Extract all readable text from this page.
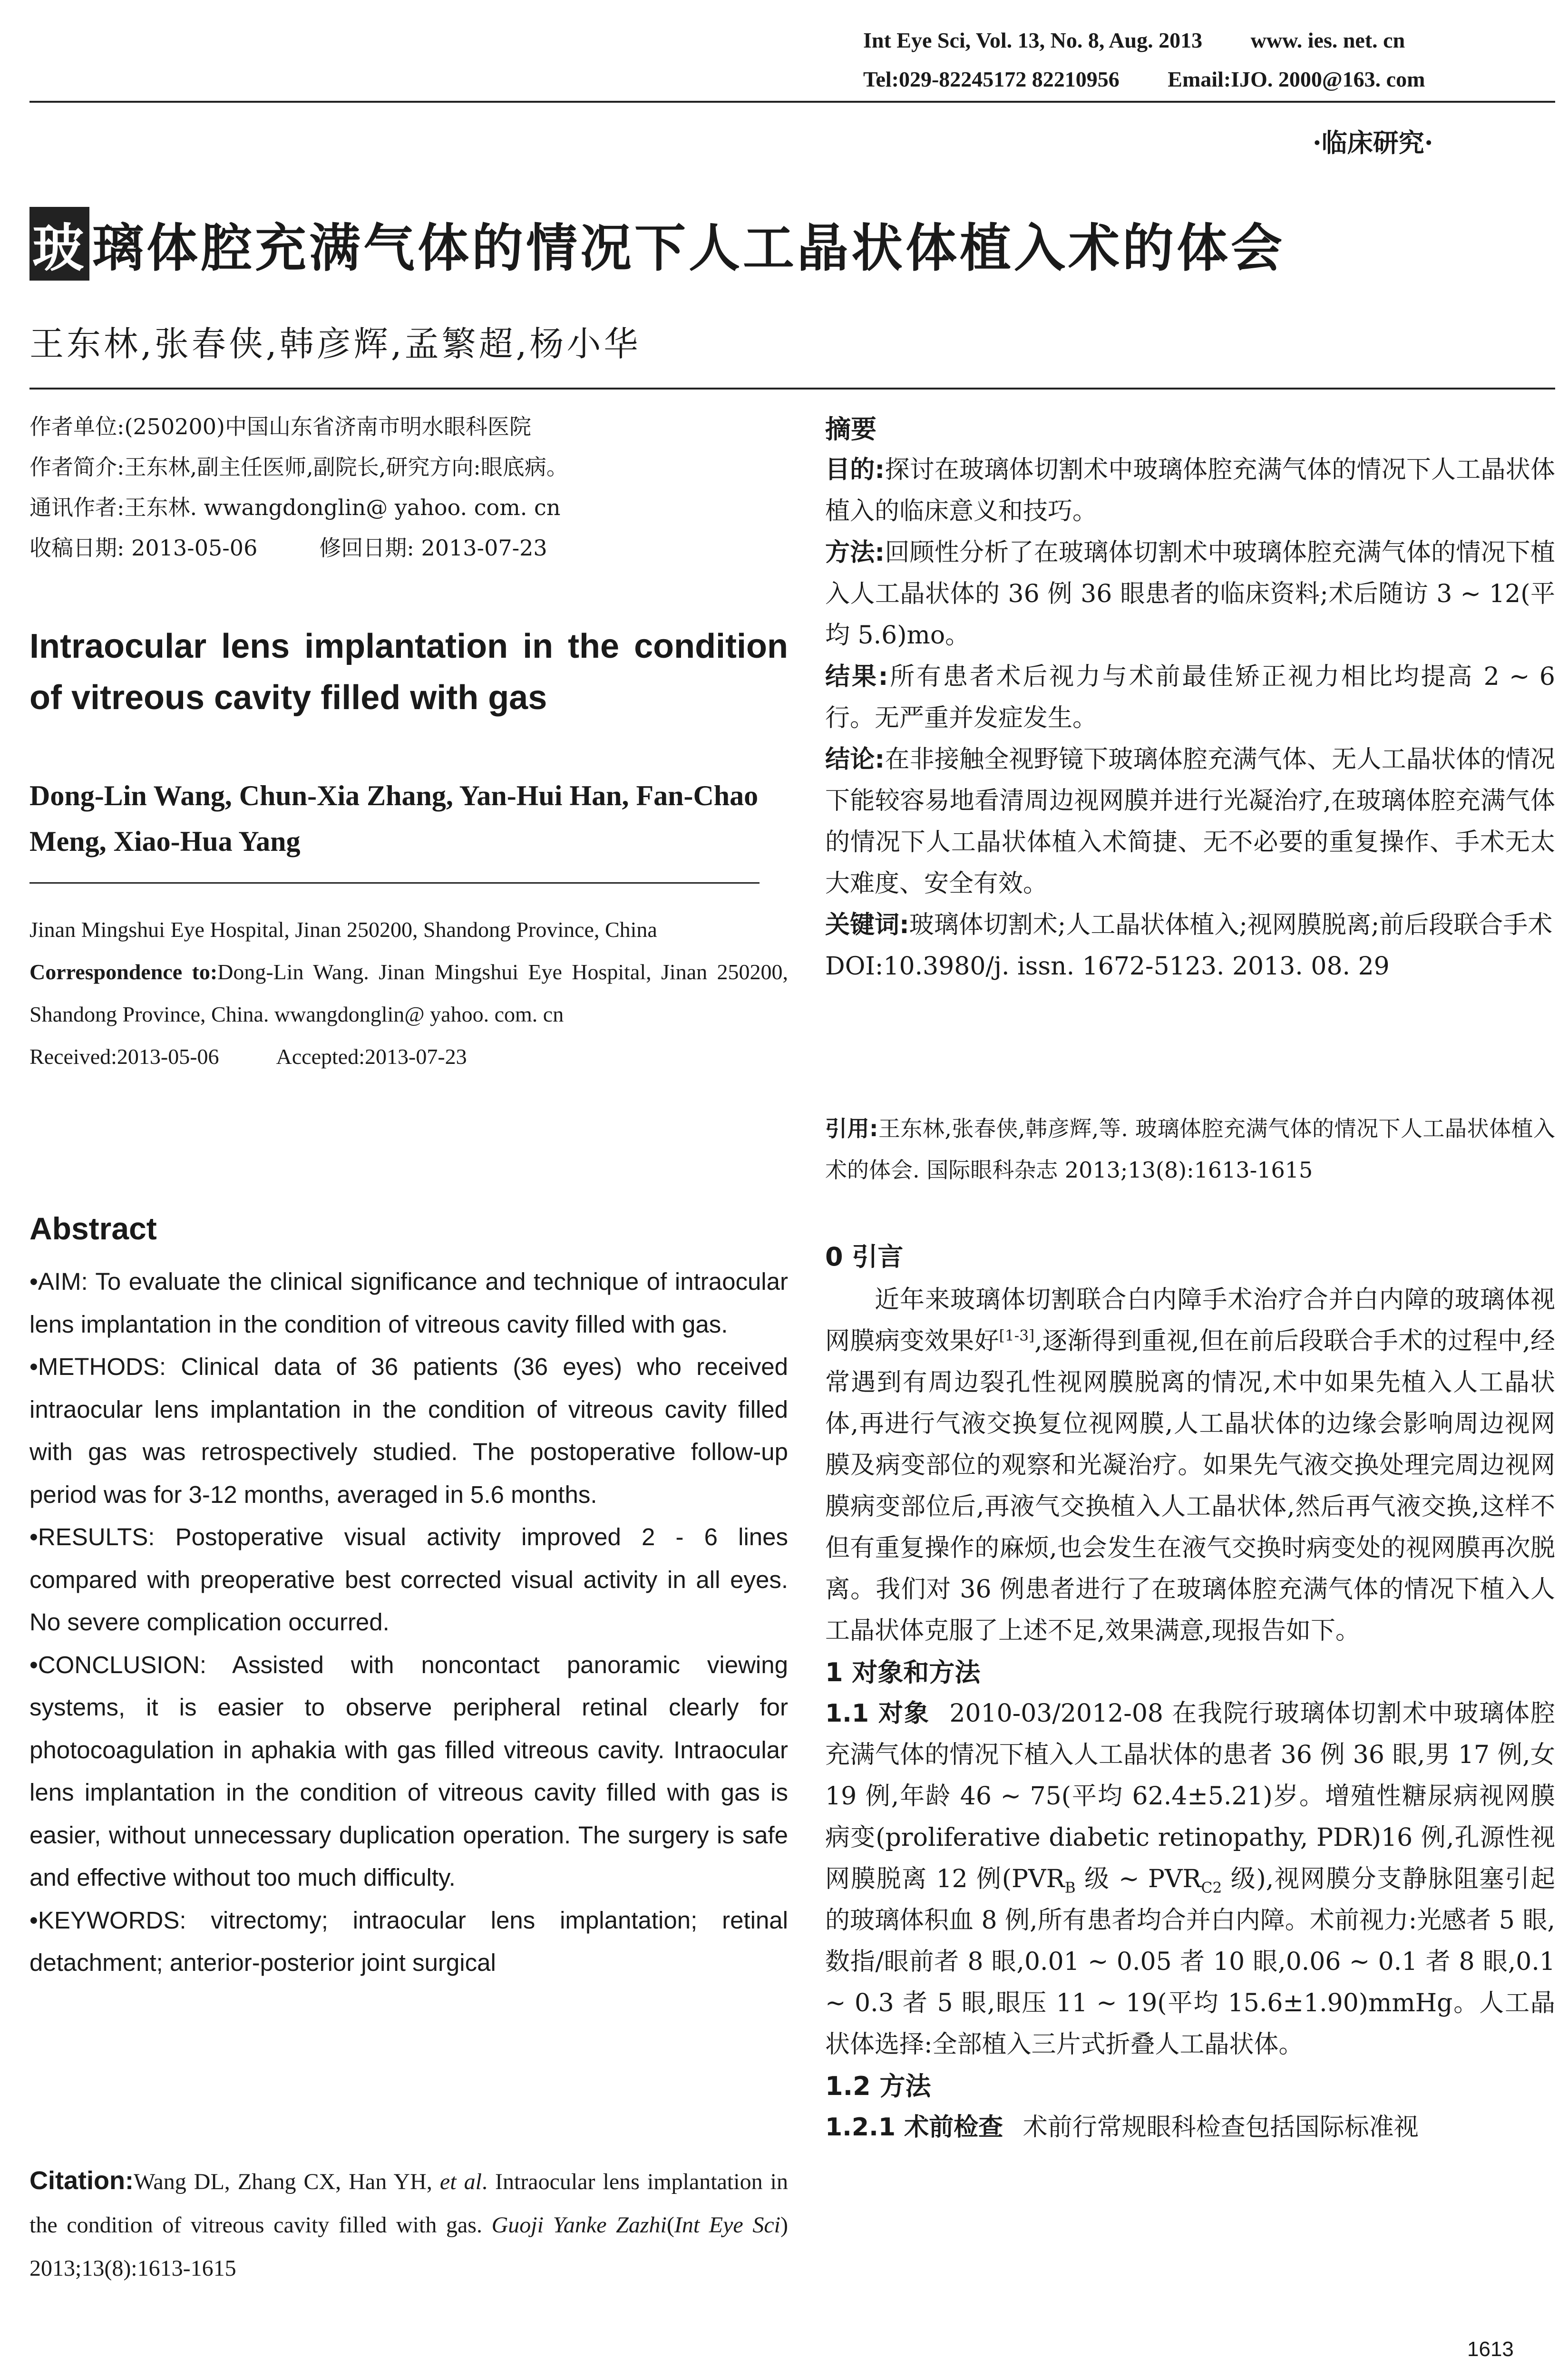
Int Eye Sci, Vol. 13, No. 8, Aug. 2013 www. ies. net. cn
Tel:029-82245172 82210956 Email:IJO. 2000@163. com
·临床研究·
玻 璃体腔充满气体的情况下人工晶状体植入术的体会
王东林,张春侠,韩彦辉,孟繁超,杨小华
作者单位:(250200)中国山东省济南市明水眼科医院
作者简介:王东林,副主任医师,副院长,研究方向:眼底病。
通讯作者:王东林. wwangdonglin@ yahoo. com. cn
收稿日期: 2013-05-06	修回日期: 2013-07-23
Intraocular lens implantation in the condition of vitreous cavity filled with gas
Dong-Lin Wang, Chun-Xia Zhang, Yan-Hui Han, Fan-Chao Meng, Xiao-Hua Yang
Jinan Mingshui Eye Hospital, Jinan 250200, Shandong Province, China
Correspondence to:Dong-Lin Wang. Jinan Mingshui Eye Hospital, Jinan 250200, Shandong Province, China. wwangdonglin@ yahoo. com. cn
Received:2013-05-06	Accepted:2013-07-23
Abstract

•AIM: To evaluate the clinical significance and technique of intraocular lens implantation in the condition of vitreous cavity filled with gas.

•METHODS: Clinical data of 36 patients (36 eyes) who received intraocular lens implantation in the condition of vitreous cavity filled with gas was retrospectively studied. The postoperative follow-up period was for 3-12 months, averaged in 5.6 months.

•RESULTS: Postoperative visual activity improved 2 - 6 lines compared with preoperative best corrected visual activity in all eyes. No severe complication occurred.

•CONCLUSION: Assisted with noncontact panoramic viewing systems, it is easier to observe peripheral retinal clearly for photocoagulation in aphakia with gas filled vitreous cavity. Intraocular lens implantation in the condition of vitreous cavity filled with gas is easier, without unnecessary duplication operation. The surgery is safe and effective without too much difficulty.

•KEYWORDS: vitrectomy; intraocular lens implantation; retinal detachment; anterior-posterior joint surgical

Citation:Wang DL, Zhang CX, Han YH, et al. Intraocular lens implantation in the condition of vitreous cavity filled with gas. Guoji Yanke Zazhi(Int Eye Sci) 2013;13(8):1613-1615
摘要

目的:探讨在玻璃体切割术中玻璃体腔充满气体的情况下人工晶状体植入的临床意义和技巧。

方法:回顾性分析了在玻璃体切割术中玻璃体腔充满气体的情况下植入人工晶状体的 36 例 36 眼患者的临床资料;术后随访 3 ~ 12(平均 5.6)mo。

结果:所有患者术后视力与术前最佳矫正视力相比均提高 2 ~ 6 行。无严重并发症发生。

结论:在非接触全视野镜下玻璃体腔充满气体、无人工晶状体的情况下能较容易地看清周边视网膜并进行光凝治疗,在玻璃体腔充满气体的情况下人工晶状体植入术简捷、无不必要的重复操作、手术无太大难度、安全有效。

关键词:玻璃体切割术;人工晶状体植入;视网膜脱离;前后段联合手术

DOI:10.3980/j. issn. 1672-5123. 2013. 08. 29

引用:王东林,张春侠,韩彦辉,等. 玻璃体腔充满气体的情况下人工晶状体植入术的体会. 国际眼科杂志 2013;13(8):1613-1615
0 引言

近年来玻璃体切割联合白内障手术治疗合并白内障的玻璃体视网膜病变效果好[1-3],逐渐得到重视,但在前后段联合手术的过程中,经常遇到有周边裂孔性视网膜脱离的情况,术中如果先植入人工晶状体,再进行气液交换复位视网膜,人工晶状体的边缘会影响周边视网膜及病变部位的观察和光凝治疗。如果先气液交换处理完周边视网膜病变部位后,再液气交换植入人工晶状体,然后再气液交换,这样不但有重复操作的麻烦,也会发生在液气交换时病变处的视网膜再次脱离。我们对 36 例患者进行了在玻璃体腔充满气体的情况下植入人工晶状体克服了上述不足,效果满意,现报告如下。

1 对象和方法

1.1 对象 2010-03/2012-08 在我院行玻璃体切割术中玻璃体腔充满气体的情况下植入人工晶状体的患者 36 例 36 眼,男 17 例,女 19 例,年龄 46 ~ 75(平均 62.4±5.21)岁。增殖性糖尿病视网膜病变(proliferative diabetic retinopathy, PDR)16 例,孔源性视网膜脱离 12 例($PVR_B$ 级 ~ $PVR_{C2}$ 级),视网膜分支静脉阻塞引起的玻璃体积血 8 例,所有患者均合并白内障。术前视力:光感者 5 眼,数指/眼前者 8 眼,0.01 ~ 0.05 者 10 眼,0.06 ~ 0.1 者 8 眼,0.1 ~ 0.3 者 5 眼,眼压 11 ~ 19(平均 15.6±1.90)mmHg。人工晶状体选择:全部植入三片式折叠人工晶状体。

1.2 方法

1.2.1 术前检查 术前行常规眼科检查包括国际标准视

1613
